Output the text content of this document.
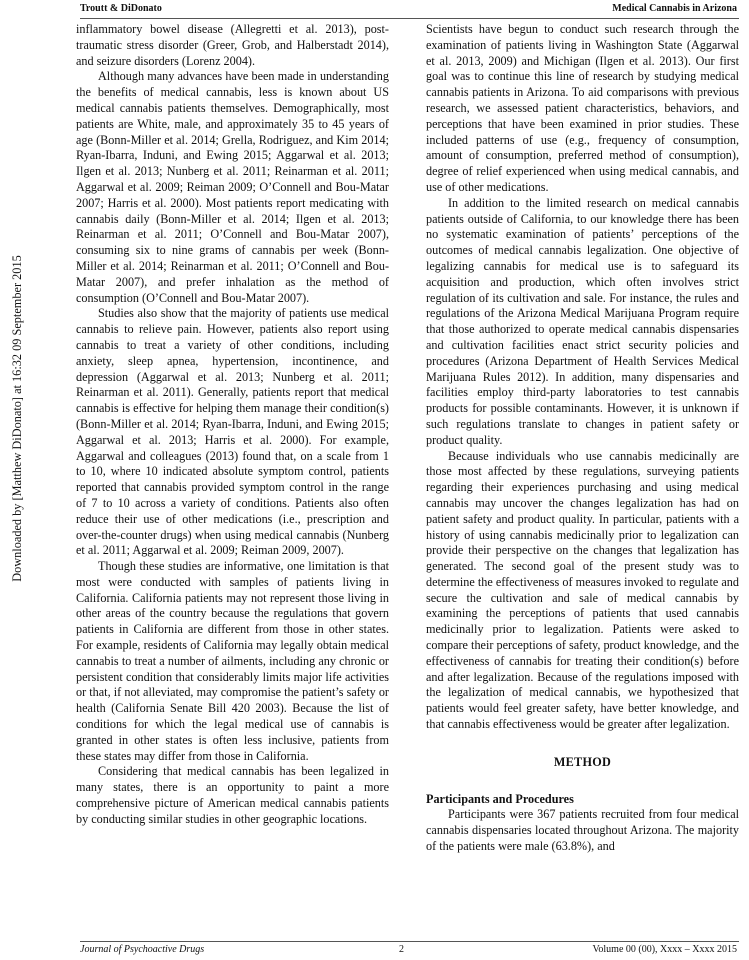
Troutt & DiDonato	Medical Cannabis in Arizona
Downloaded by [Matthew DiDonato] at 16:32 09 September 2015

inflammatory bowel disease (Allegretti et al. 2013), post-traumatic stress disorder (Greer, Grob, and Halberstadt 2014), and seizure disorders (Lorenz 2004).

Although many advances have been made in understanding the benefits of medical cannabis, less is known about US medical cannabis patients themselves. Demographically, most patients are White, male, and approximately 35 to 45 years of age (Bonn-Miller et al. 2014; Grella, Rodriguez, and Kim 2014; Ryan-Ibarra, Induni, and Ewing 2015; Aggarwal et al. 2013; Ilgen et al. 2013; Nunberg et al. 2011; Reinarman et al. 2011; Aggarwal et al. 2009; Reiman 2009; O’Connell and Bou-Matar 2007; Harris et al. 2000). Most patients report medicating with cannabis daily (Bonn-Miller et al. 2014; Ilgen et al. 2013; Reinarman et al. 2011; O’Connell and Bou-Matar 2007), consuming six to nine grams of cannabis per week (Bonn-Miller et al. 2014; Reinarman et al. 2011; O’Connell and Bou-Matar 2007), and prefer inhalation as the method of consumption (O’Connell and Bou-Matar 2007).

Studies also show that the majority of patients use medical cannabis to relieve pain. However, patients also report using cannabis to treat a variety of other conditions, including anxiety, sleep apnea, hypertension, incontinence, and depression (Aggarwal et al. 2013; Nunberg et al. 2011; Reinarman et al. 2011). Generally, patients report that medical cannabis is effective for helping them manage their condition(s) (Bonn-Miller et al. 2014; Ryan-Ibarra, Induni, and Ewing 2015; Aggarwal et al. 2013; Harris et al. 2000). For example, Aggarwal and colleagues (2013) found that, on a scale from 1 to 10, where 10 indicated absolute symptom control, patients reported that cannabis provided symptom control in the range of 7 to 10 across a variety of conditions. Patients also often reduce their use of other medications (i.e., prescription and over-the-counter drugs) when using medical cannabis (Nunberg et al. 2011; Aggarwal et al. 2009; Reiman 2009, 2007).

Though these studies are informative, one limitation is that most were conducted with samples of patients living in California. California patients may not represent those living in other areas of the country because the regulations that govern patients in California are different from those in other states. For example, residents of California may legally obtain medical cannabis to treat a number of ailments, including any chronic or persistent condition that considerably limits major life activities or that, if not alleviated, may compromise the patient’s safety or health (California Senate Bill 420 2003). Because the list of conditions for which the legal medical use of cannabis is granted in other states is often less inclusive, patients from these states may differ from those in California.

Considering that medical cannabis has been legalized in many states, there is an opportunity to paint a more comprehensive picture of American medical cannabis patients by conducting similar studies in other geographic locations.

Scientists have begun to conduct such research through the examination of patients living in Washington State (Aggarwal et al. 2013, 2009) and Michigan (Ilgen et al. 2013). Our first goal was to continue this line of research by studying medical cannabis patients in Arizona. To aid comparisons with previous research, we assessed patient characteristics, behaviors, and perceptions that have been examined in prior studies. These included patterns of use (e.g., frequency of consumption, amount of consumption, preferred method of consumption), degree of relief experienced when using medical cannabis, and use of other medications.

In addition to the limited research on medical cannabis patients outside of California, to our knowledge there has been no systematic examination of patients’ perceptions of the outcomes of medical cannabis legalization. One objective of legalizing cannabis for medical use is to safeguard its acquisition and production, which often involves strict regulation of its cultivation and sale. For instance, the rules and regulations of the Arizona Medical Marijuana Program require that those authorized to operate medical cannabis dispensaries and cultivation facilities enact strict security policies and procedures (Arizona Department of Health Services Medical Marijuana Rules 2012). In addition, many dispensaries and facilities employ third-party laboratories to test cannabis products for possible contaminants. However, it is unknown if such regulations translate to changes in patient safety or product quality.

Because individuals who use cannabis medicinally are those most affected by these regulations, surveying patients regarding their experiences purchasing and using medical cannabis may uncover the changes legalization has had on patient safety and product quality. In particular, patients with a history of using cannabis medicinally prior to legalization can provide their perspective on the changes that legalization has generated. The second goal of the present study was to determine the effectiveness of measures invoked to regulate and secure the cultivation and sale of medical cannabis by examining the perceptions of patients that used cannabis medicinally prior to legalization. Patients were asked to compare their perceptions of safety, product knowledge, and the effectiveness of cannabis for treating their condition(s) before and after legalization. Because of the regulations imposed with the legalization of medical cannabis, we hypothesized that patients would feel greater safety, have better knowledge, and that cannabis effectiveness would be greater after legalization.

METHOD

Participants and Procedures

Participants were 367 patients recruited from four medical cannabis dispensaries located throughout Arizona. The majority of the patients were male (63.8%), and

Journal of Psychoactive Drugs	2	Volume 00 (00), Xxxx – Xxxx 2015
